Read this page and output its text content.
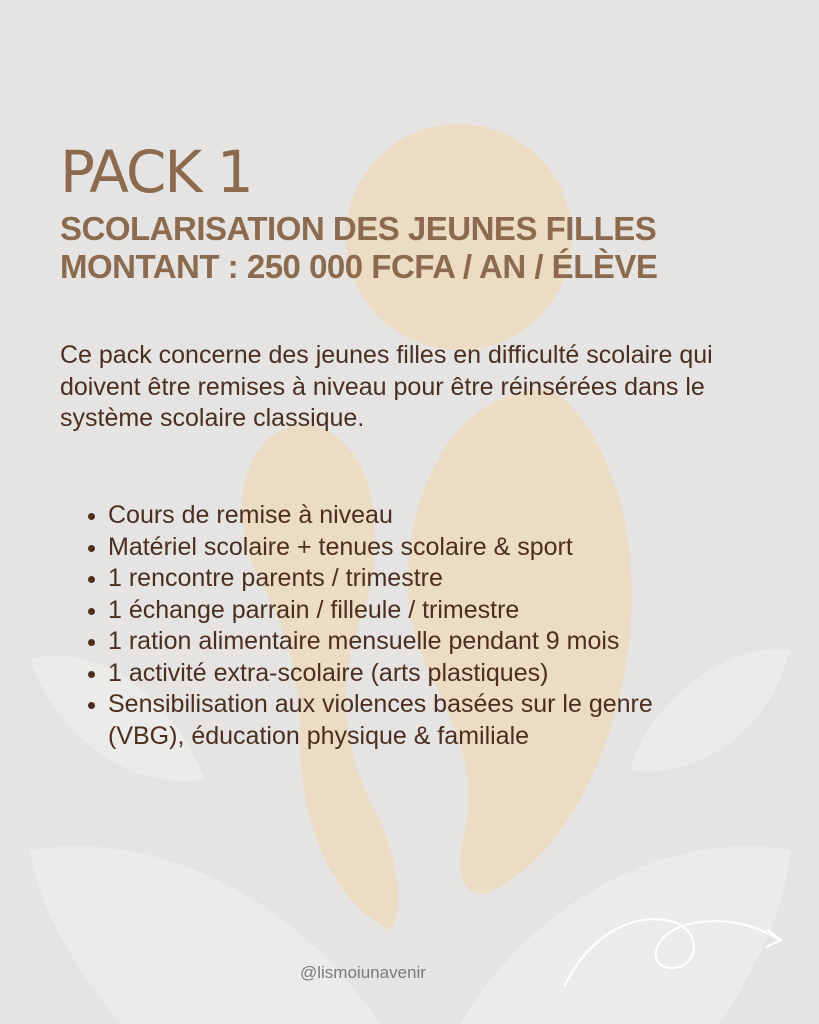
PACK 1
SCOLARISATION DES JEUNES FILLES
MONTANT : 250 000 FCFA / AN / ÉLÈVE
Ce pack concerne des jeunes filles en difficulté scolaire qui doivent être remises à niveau pour être réinsérées dans le système scolaire classique.
• Cours de remise à niveau
• Matériel scolaire + tenues scolaire & sport
• 1 rencontre parents / trimestre
• 1 échange parrain / filleule / trimestre
• 1 ration alimentaire mensuelle pendant 9 mois
• 1 activité extra-scolaire (arts plastiques)
• Sensibilisation aux violences basées sur le genre (VBG), éducation physique & familiale
@lismoiunavenir
